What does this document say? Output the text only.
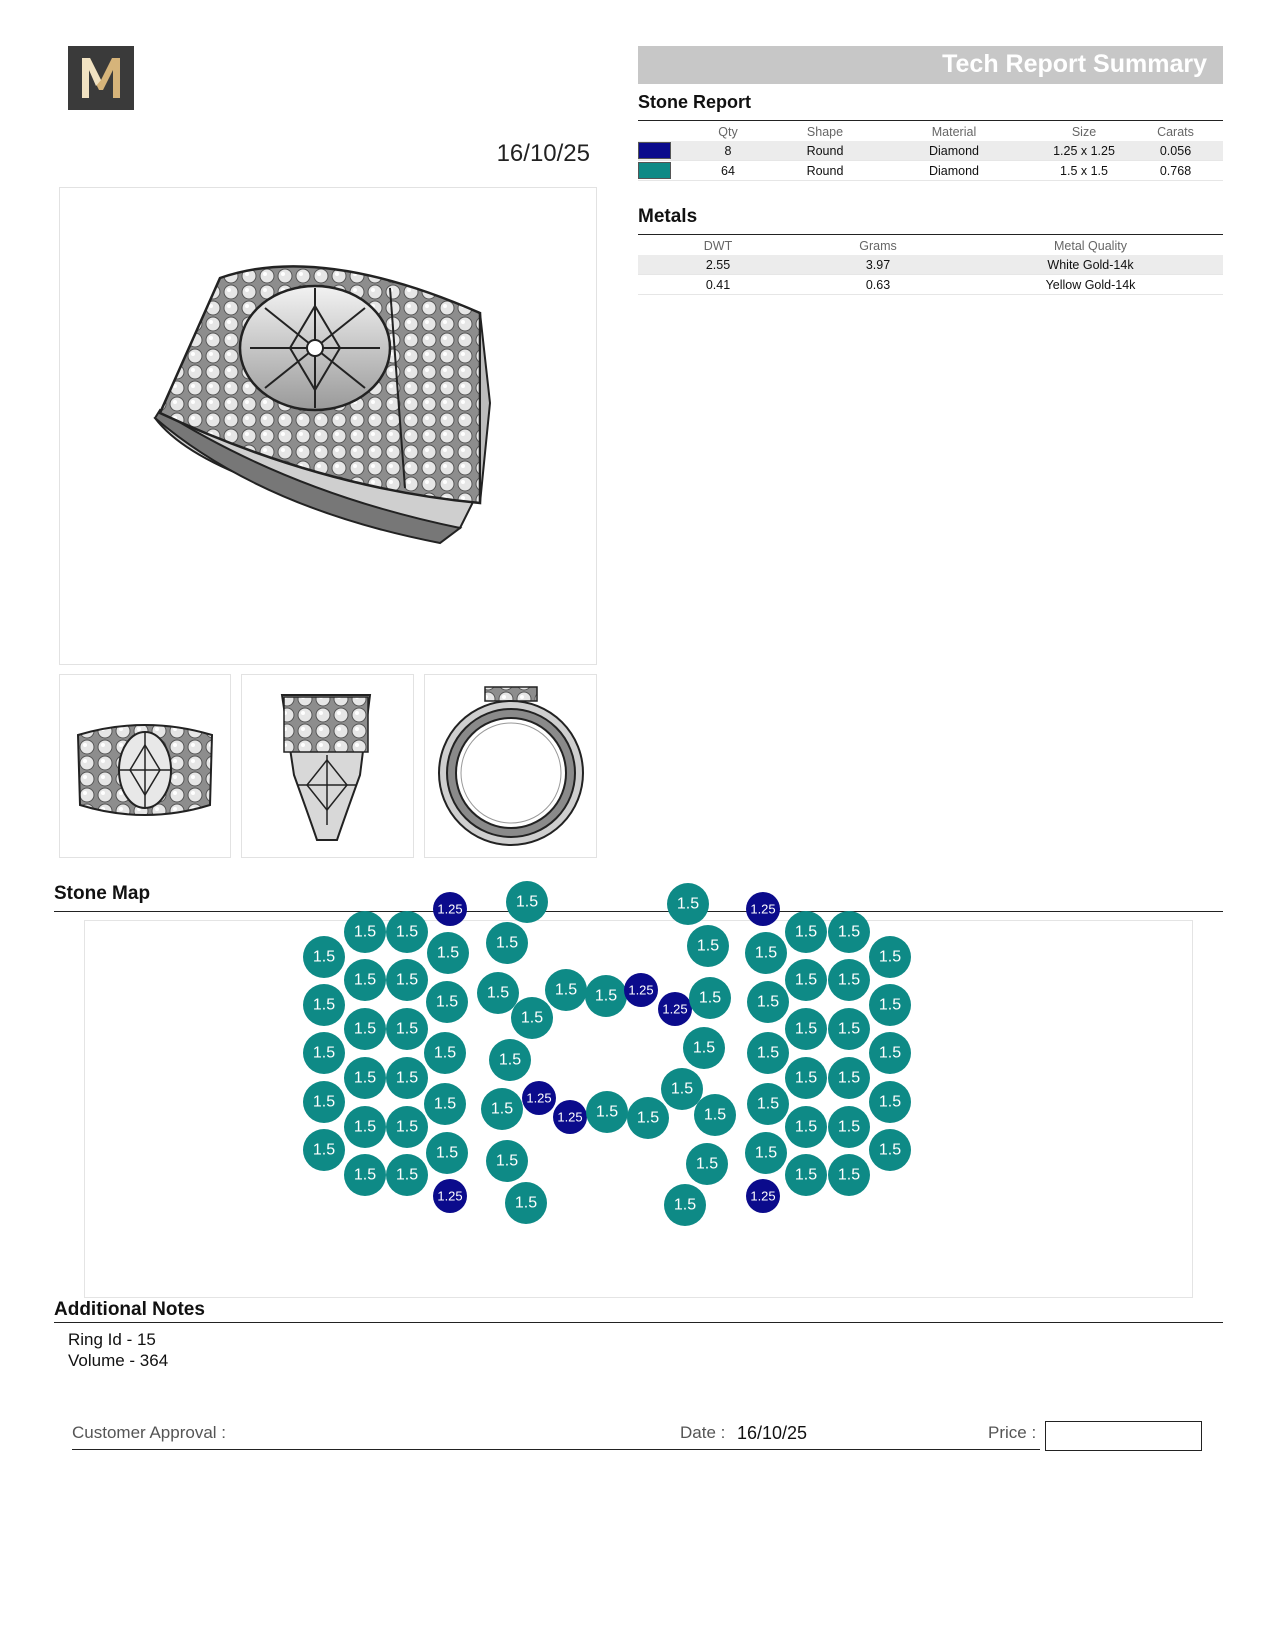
16/10/25
Tech Report Summary
Stone Report
	Qty	Shape	Material	Size	Carats
	8	Round	Diamond	1.25 x 1.25	0.056
	64	Round	Diamond	1.5 x 1.5	0.768
Metals
DWT	Grams	Metal Quality
2.55	3.97	White Gold-14k
0.41	0.63	Yellow Gold-14k
Stone Map
1.25	1.5	1.5	1.25
1.5 1.5	1.5 1.5
1.5	1.5
1.5	1.5 1.5	1.5
1.5 1.5	1.5 1.5
1.5 1.5 1.25
1.25
1.5	1.5
1.5
1.5
1.5 1.5	1.5
1.5 1.5	1.5 1.5
1.5	1.5	1.5
1.5	1.5	1.5
1.5 1.5	1.5 1.5
1.25
1.25 1.5 1.5
1.5
1.5	1.5 1.5	1.5
1.5	1.5
1.5 1.5	1.5 1.5
1.5	1.5 1.5	1.5
1.5	1.5
1.5 1.5	1.5 1.5
1.25	1.5	1.5
1.25
Additional Notes
Ring Id - 15
Volume - 364
Customer Approval :	Date : 16/10/25	Price :
